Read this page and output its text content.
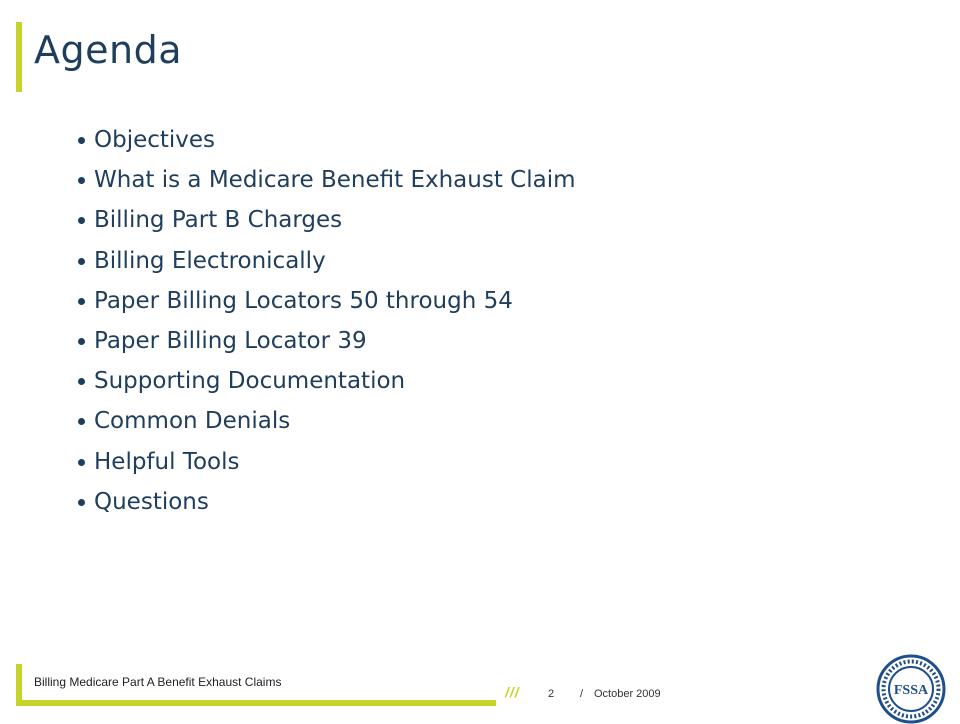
Agenda
Objectives
What is a Medicare Benefit Exhaust Claim
Billing Part B Charges
Billing Electronically
Paper Billing Locators 50 through 54
Paper Billing Locator 39
Supporting Documentation
Common Denials
Helpful Tools
Questions
Billing Medicare Part A Benefit Exhaust Claims
///	2 / October 2009	FSSA
